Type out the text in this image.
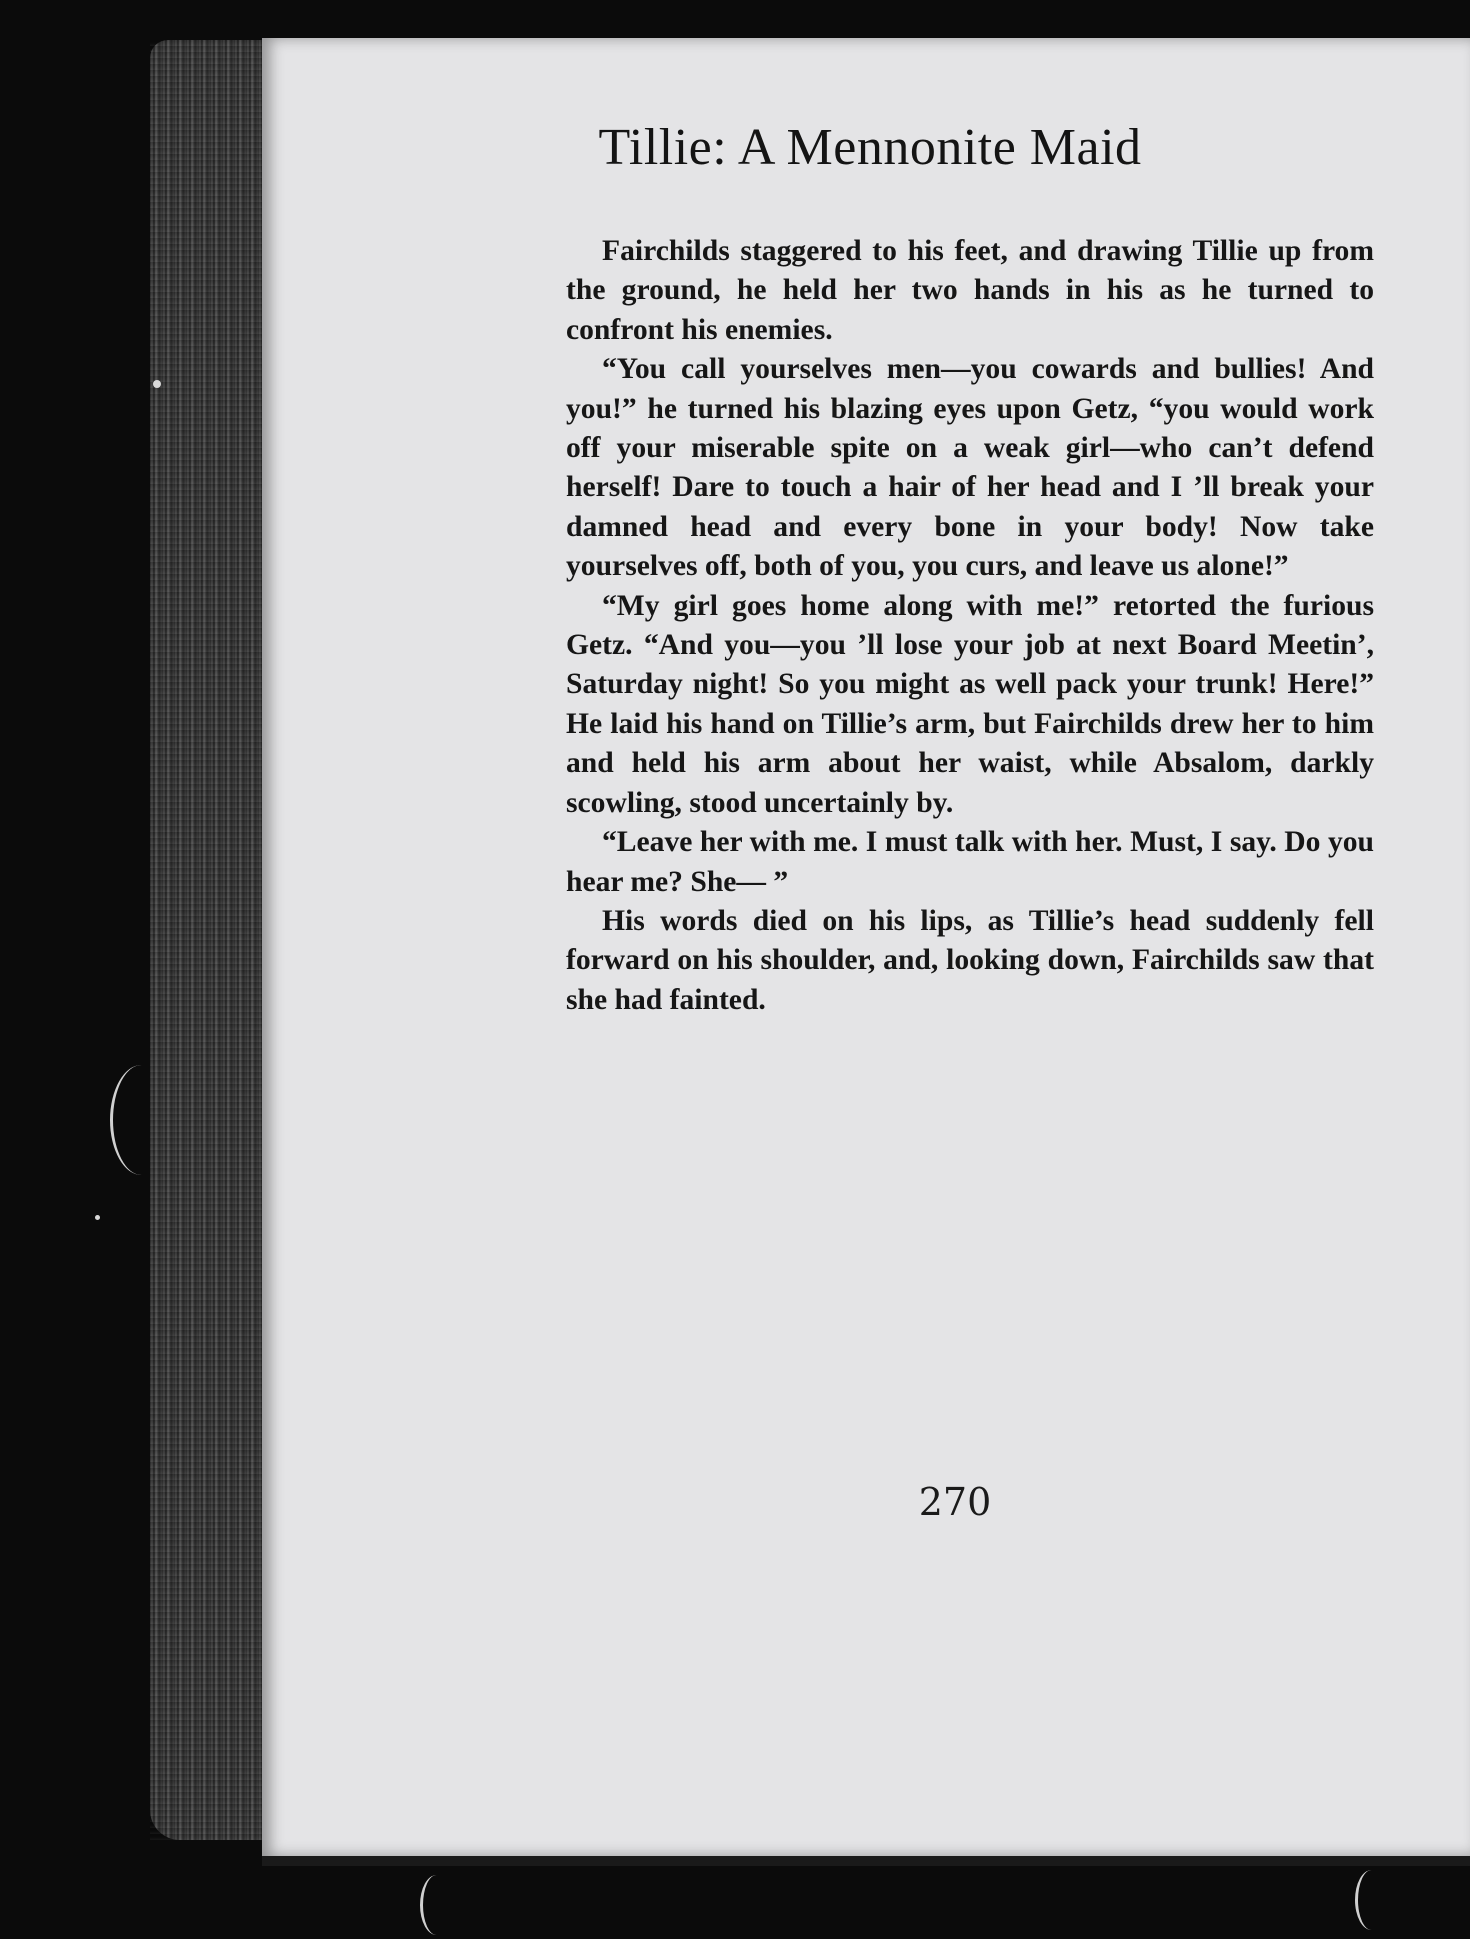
Tillie: A Mennonite Maid

Fairchilds staggered to his feet, and drawing Tillie up from the ground, he held her two hands in his as he turned to confront his enemies.

“You call yourselves men—you cowards and bullies! And you!” he turned his blazing eyes upon Getz, “you would work off your miserable spite on a weak girl—who can’t defend herself! Dare to touch a hair of her head and I ’ll break your damned head and every bone in your body! Now take yourselves off, both of you, you curs, and leave us alone!”

“My girl goes home along with me!” retorted the furious Getz. “And you—you ’ll lose your job at next Board Meetin’, Saturday night! So you might as well pack your trunk! Here!” He laid his hand on Tillie’s arm, but Fairchilds drew her to him and held his arm about her waist, while Absalom, darkly scowling, stood uncertainly by.

“Leave her with me. I must talk with her. Must, I say. Do you hear me? She— ”

His words died on his lips, as Tillie’s head suddenly fell forward on his shoulder, and, looking down, Fairchilds saw that she had fainted.

270
